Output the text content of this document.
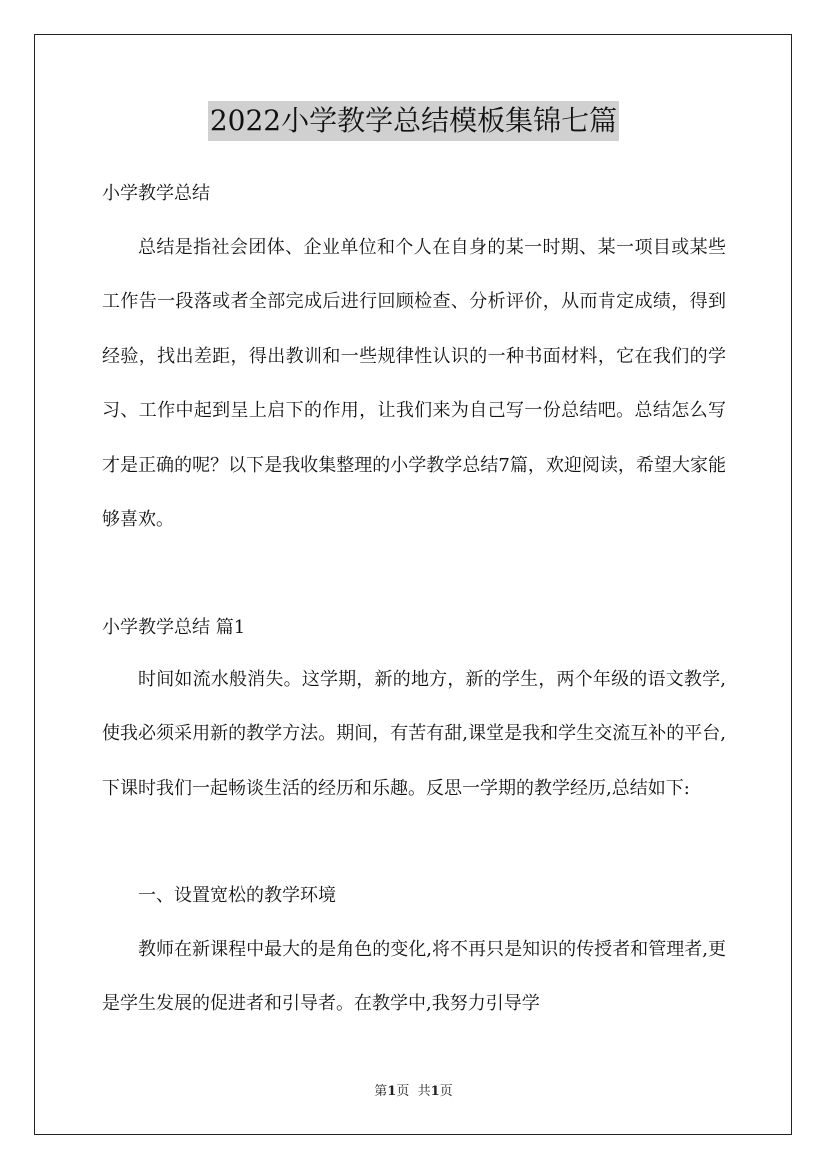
2022小学教学总结模板集锦七篇
小学教学总结

总结是指社会团体、企业单位和个人在自身的某一时期、某一项目或某些工作告一段落或者全部完成后进行回顾检查、分析评价，从而肯定成绩，得到经验，找出差距，得出教训和一些规律性认识的一种书面材料，它在我们的学习、工作中起到呈上启下的作用，让我们来为自己写一份总结吧。总结怎么写才是正确的呢？以下是我收集整理的小学教学总结7篇，欢迎阅读，希望大家能够喜欢。

小学教学总结 篇1

时间如流水般消失。这学期，新的地方，新的学生，两个年级的语文教学,使我必须采用新的教学方法。期间，有苦有甜,课堂是我和学生交流互补的平台,下课时我们一起畅谈生活的经历和乐趣。反思一学期的教学经历,总结如下:

一、设置宽松的教学环境

教师在新课程中最大的是角色的变化,将不再只是知识的传授者和管理者,更是学生发展的促进者和引导者。在教学中,我努力引导学

第1页 共1页
